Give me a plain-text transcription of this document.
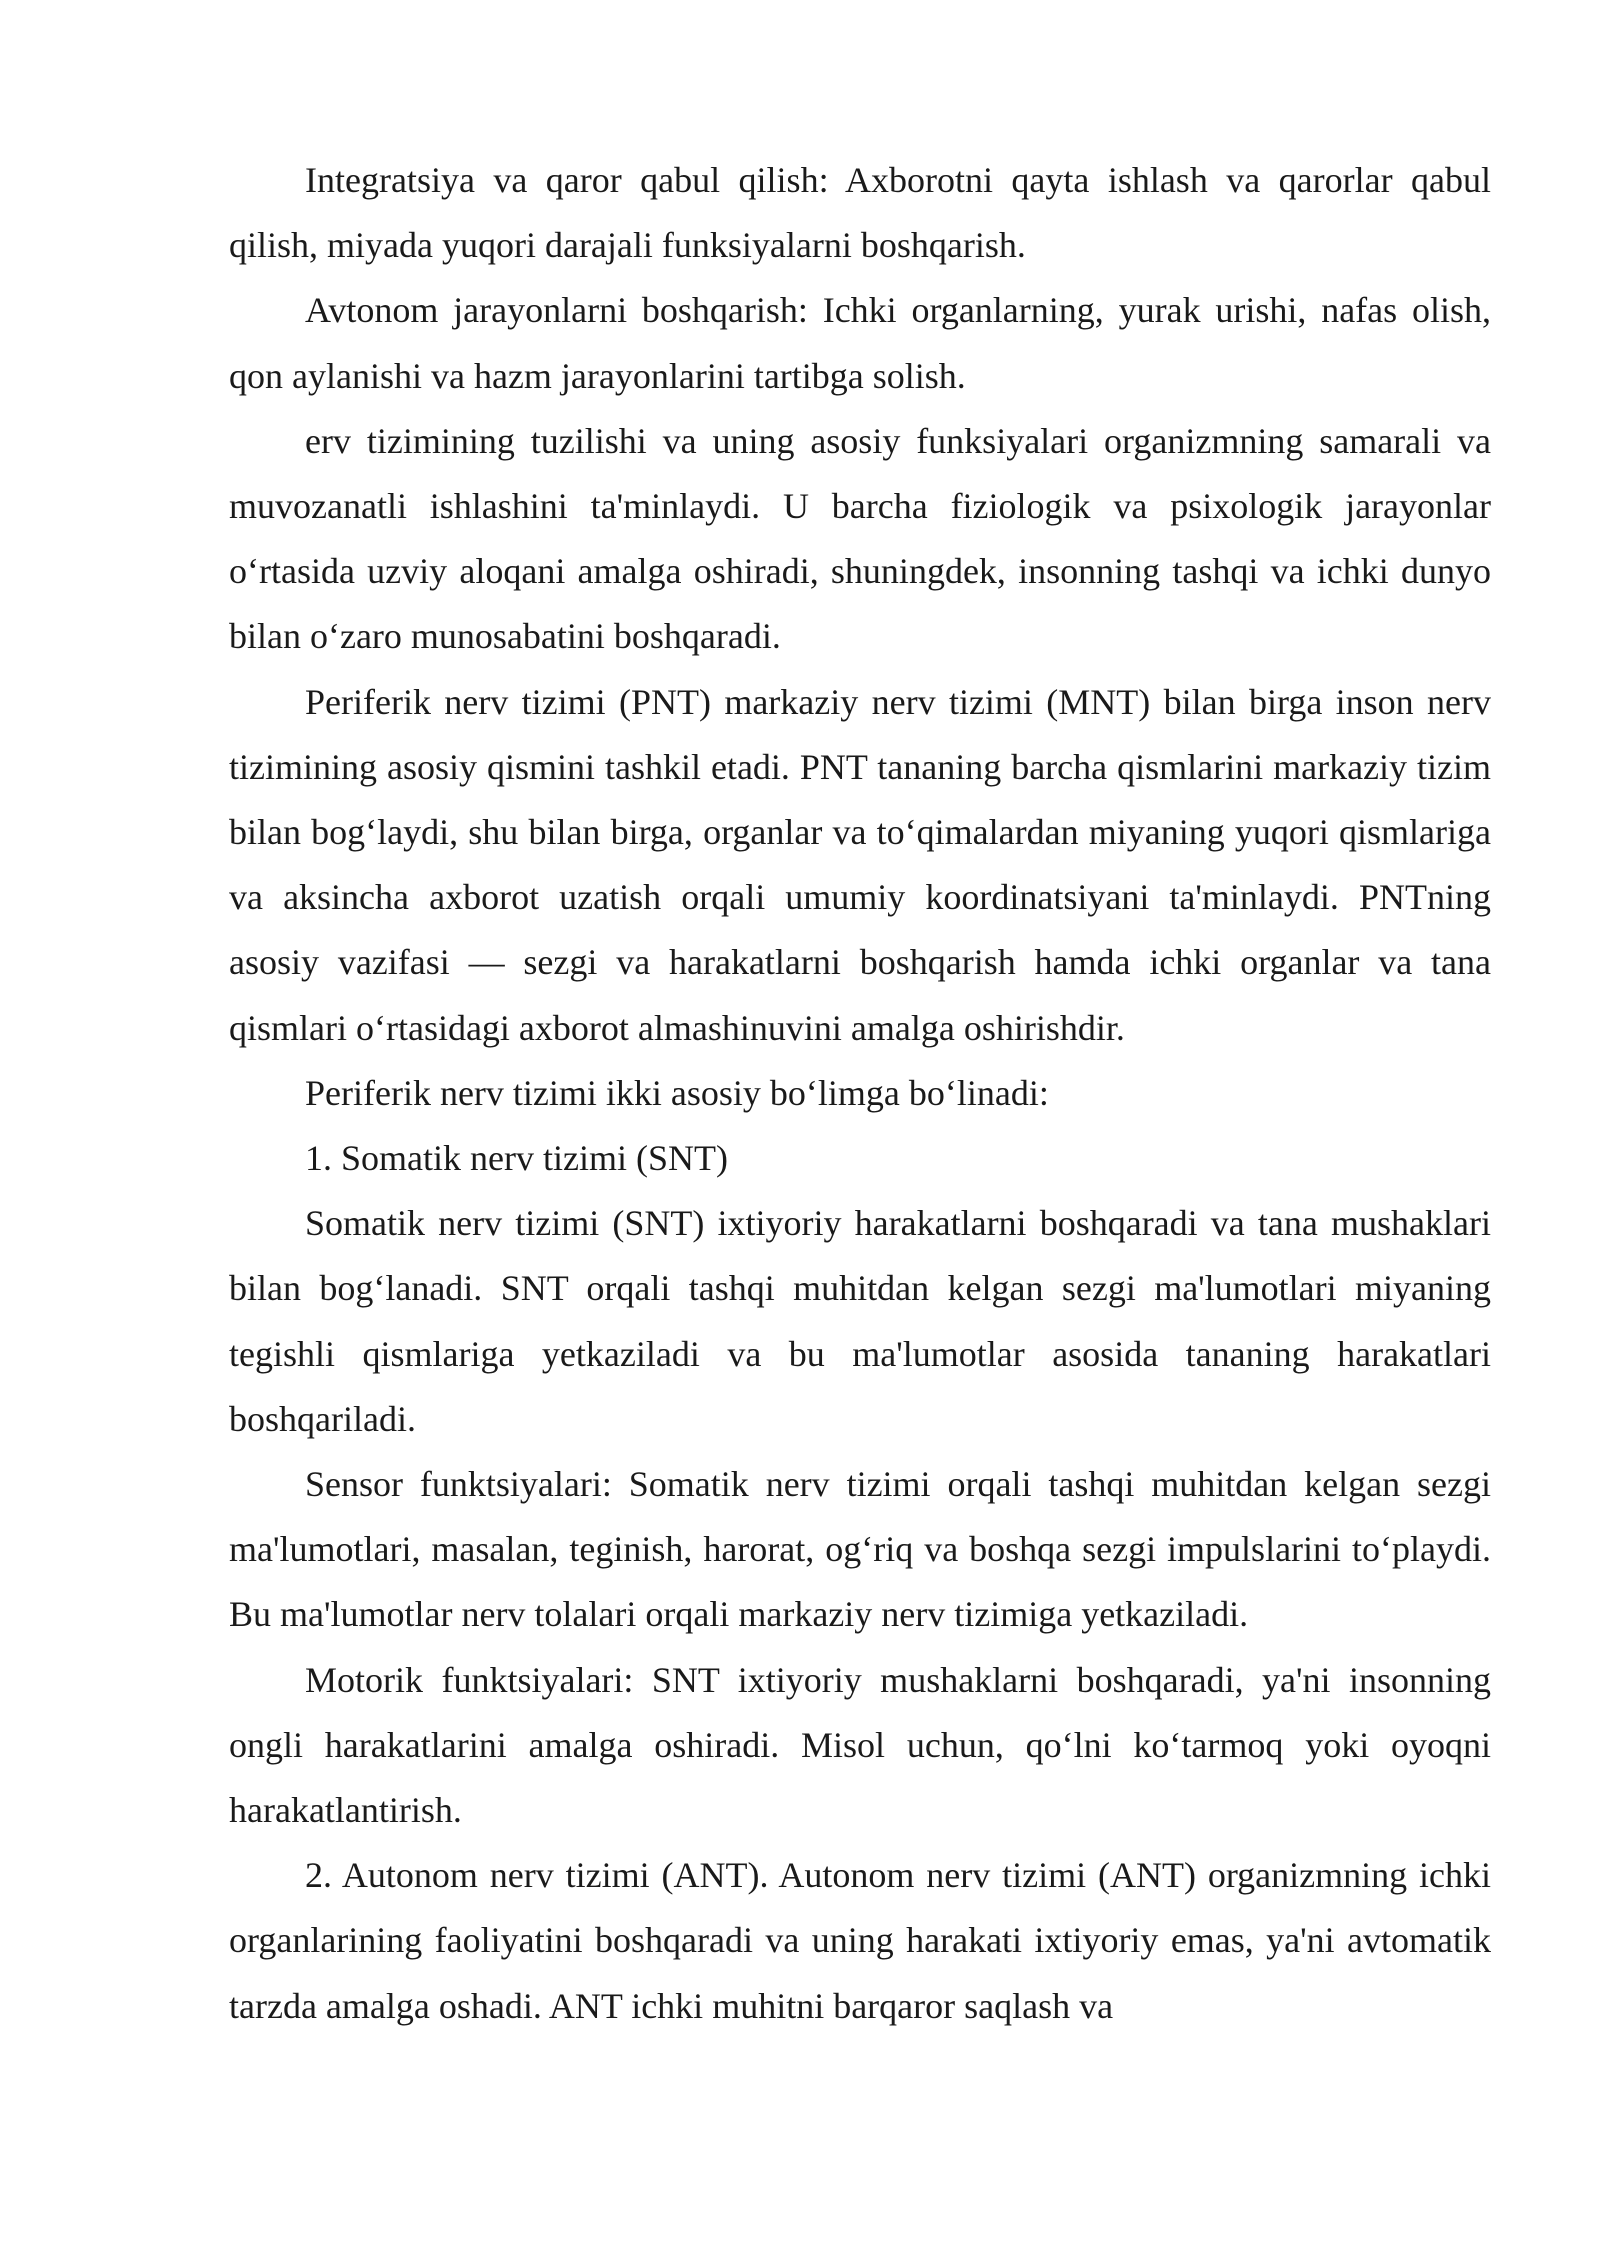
Integratsiya va qaror qabul qilish: Axborotni qayta ishlash va qarorlar qabul qilish, miyada yuqori darajali funksiyalarni boshqarish.

Avtonom jarayonlarni boshqarish: Ichki organlarning, yurak urishi, nafas olish, qon aylanishi va hazm jarayonlarini tartibga solish.

erv tizimining tuzilishi va uning asosiy funksiyalari organizmning samarali va muvozanatli ishlashini ta'minlaydi. U barcha fiziologik va psixologik jarayonlar oʻrtasida uzviy aloqani amalga oshiradi, shuningdek, insonning tashqi va ichki dunyo bilan oʻzaro munosabatini boshqaradi.

Periferik nerv tizimi (PNT) markaziy nerv tizimi (MNT) bilan birga inson nerv tizimining asosiy qismini tashkil etadi. PNT tananing barcha qismlarini markaziy tizim bilan bogʻlaydi, shu bilan birga, organlar va toʻqimalardan miyaning yuqori qismlariga va aksincha axborot uzatish orqali umumiy koordinatsiyani ta'minlaydi. PNTning asosiy vazifasi — sezgi va harakatlarni boshqarish hamda ichki organlar va tana qismlari oʻrtasidagi axborot almashinuvini amalga oshirishdir.

Periferik nerv tizimi ikki asosiy boʻlimga boʻlinadi:

1. Somatik nerv tizimi (SNT)

Somatik nerv tizimi (SNT) ixtiyoriy harakatlarni boshqaradi va tana mushaklari bilan bogʻlanadi. SNT orqali tashqi muhitdan kelgan sezgi ma'lumotlari miyaning tegishli qismlariga yetkaziladi va bu ma'lumotlar asosida tananing harakatlari boshqariladi.

Sensor funktsiyalari: Somatik nerv tizimi orqali tashqi muhitdan kelgan sezgi ma'lumotlari, masalan, teginish, harorat, ogʻriq va boshqa sezgi impulslarini toʻplaydi. Bu ma'lumotlar nerv tolalari orqali markaziy nerv tizimiga yetkaziladi.

Motorik funktsiyalari: SNT ixtiyoriy mushaklarni boshqaradi, ya'ni insonning ongli harakatlarini amalga oshiradi. Misol uchun, qoʻlni koʻtarmoq yoki oyoqni harakatlantirish.

2. Autonom nerv tizimi (ANT). Autonom nerv tizimi (ANT) organizmning ichki organlarining faoliyatini boshqaradi va uning harakati ixtiyoriy emas, ya'ni avtomatik tarzda amalga oshadi. ANT ichki muhitni barqaror saqlash va
